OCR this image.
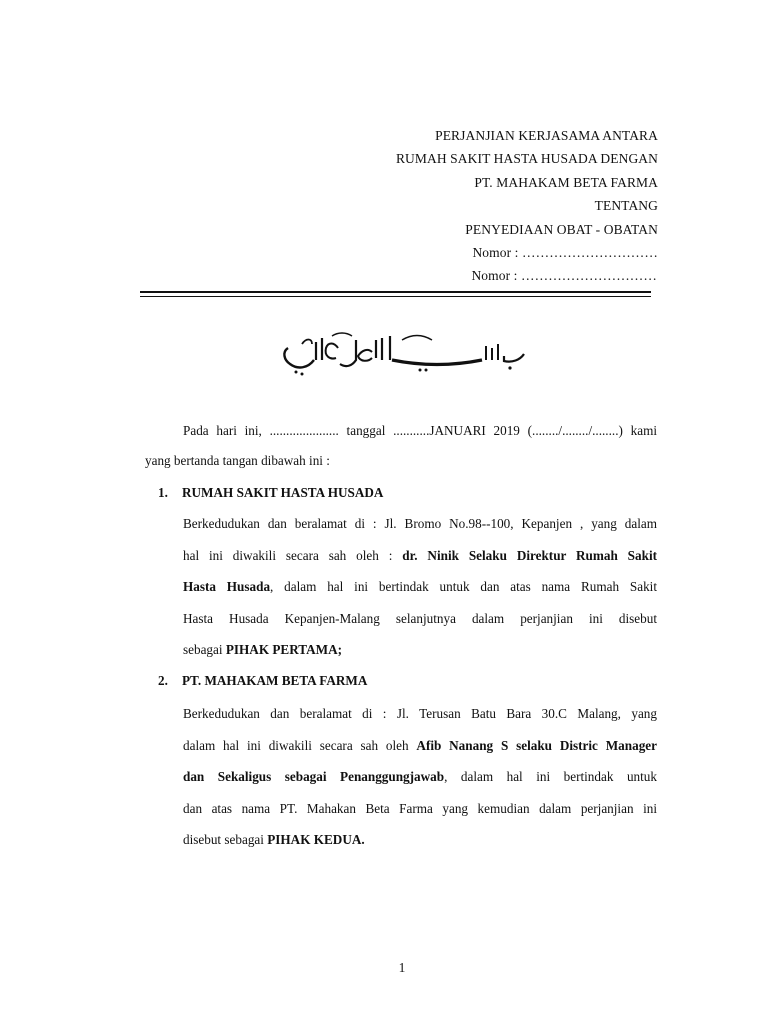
PERJANJIAN KERJASAMA ANTARA
RUMAH SAKIT HASTA HUSADA DENGAN
PT. MAHAKAM BETA FARMA
TENTANG
PENYEDIAAN OBAT - OBATAN
Nomor : …………………………
Nomor : …………………………

Pada hari ini, ..................... tanggal ...........JANUARI 2019 (......../......../........) kami

yang bertanda tangan dibawah ini :

1. RUMAH SAKIT HASTA HUSADA
Berkedudukan dan beralamat di : Jl. Bromo No.98--100, Kepanjen , yang dalam
hal ini diwakili secara sah oleh : dr. Ninik Selaku Direktur Rumah Sakit
Hasta Husada, dalam hal ini bertindak untuk dan atas nama Rumah Sakit
Hasta Husada Kepanjen-Malang selanjutnya dalam perjanjian ini disebut
sebagai PIHAK PERTAMA;
2. PT. MAHAKAM BETA FARMA
Berkedudukan dan beralamat di : Jl. Terusan Batu Bara 30.C Malang, yang
dalam hal ini diwakili secara sah oleh Afib Nanang S selaku Distric Manager
dan Sekaligus sebagai Penanggungjawab, dalam hal ini bertindak untuk
dan atas nama PT. Mahakan Beta Farma yang kemudian dalam perjanjian ini
disebut sebagai PIHAK KEDUA.
1
